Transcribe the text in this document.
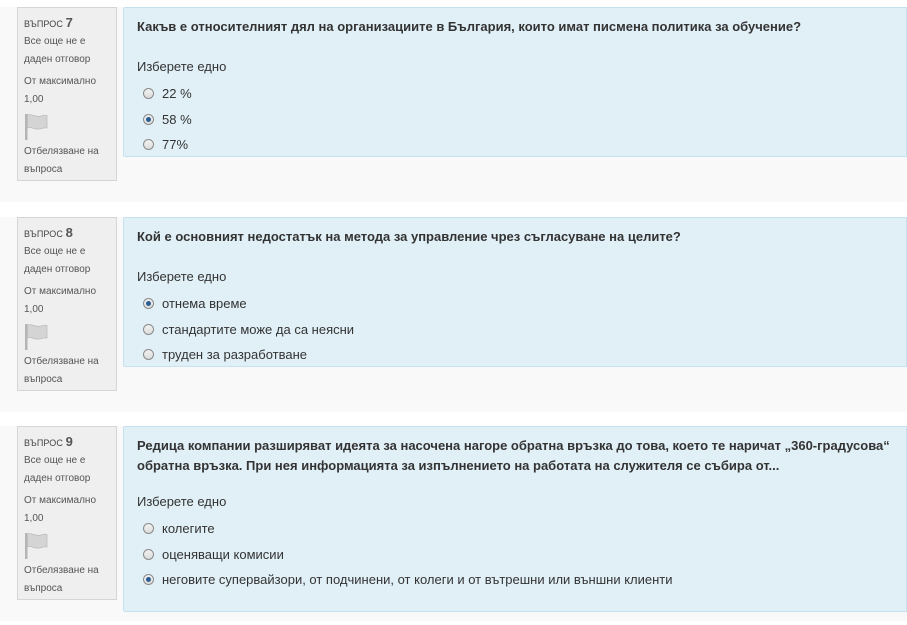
ВЪПРОС 7
Все още не е даден отговор
От максимално 1,00
Отбелязване на въпроса
Какъв е относителният дял на организациите в България, които имат писмена политика за обучение?
Изберете едно
22 %
58 %
77%
ВЪПРОС 8
Все още не е даден отговор
От максимално 1,00
Отбелязване на въпроса
Кой е основният недостатък на метода за управление чрез съгласуване на целите?
Изберете едно
отнема време
стандартите може да са неясни
труден за разработване
ВЪПРОС 9
Все още не е даден отговор
От максимално 1,00
Отбелязване на въпроса
Редица компании разширяват идеята за насочена нагоре обратна връзка до това, което те наричат „360-градусова“ обратна връзка. При нея информацията за изпълнението на работата на служителя се събира от...
Изберете едно
колегите
оценяващи комисии
неговите супервайзори, от подчинени, от колеги и от вътрешни или външни клиенти
